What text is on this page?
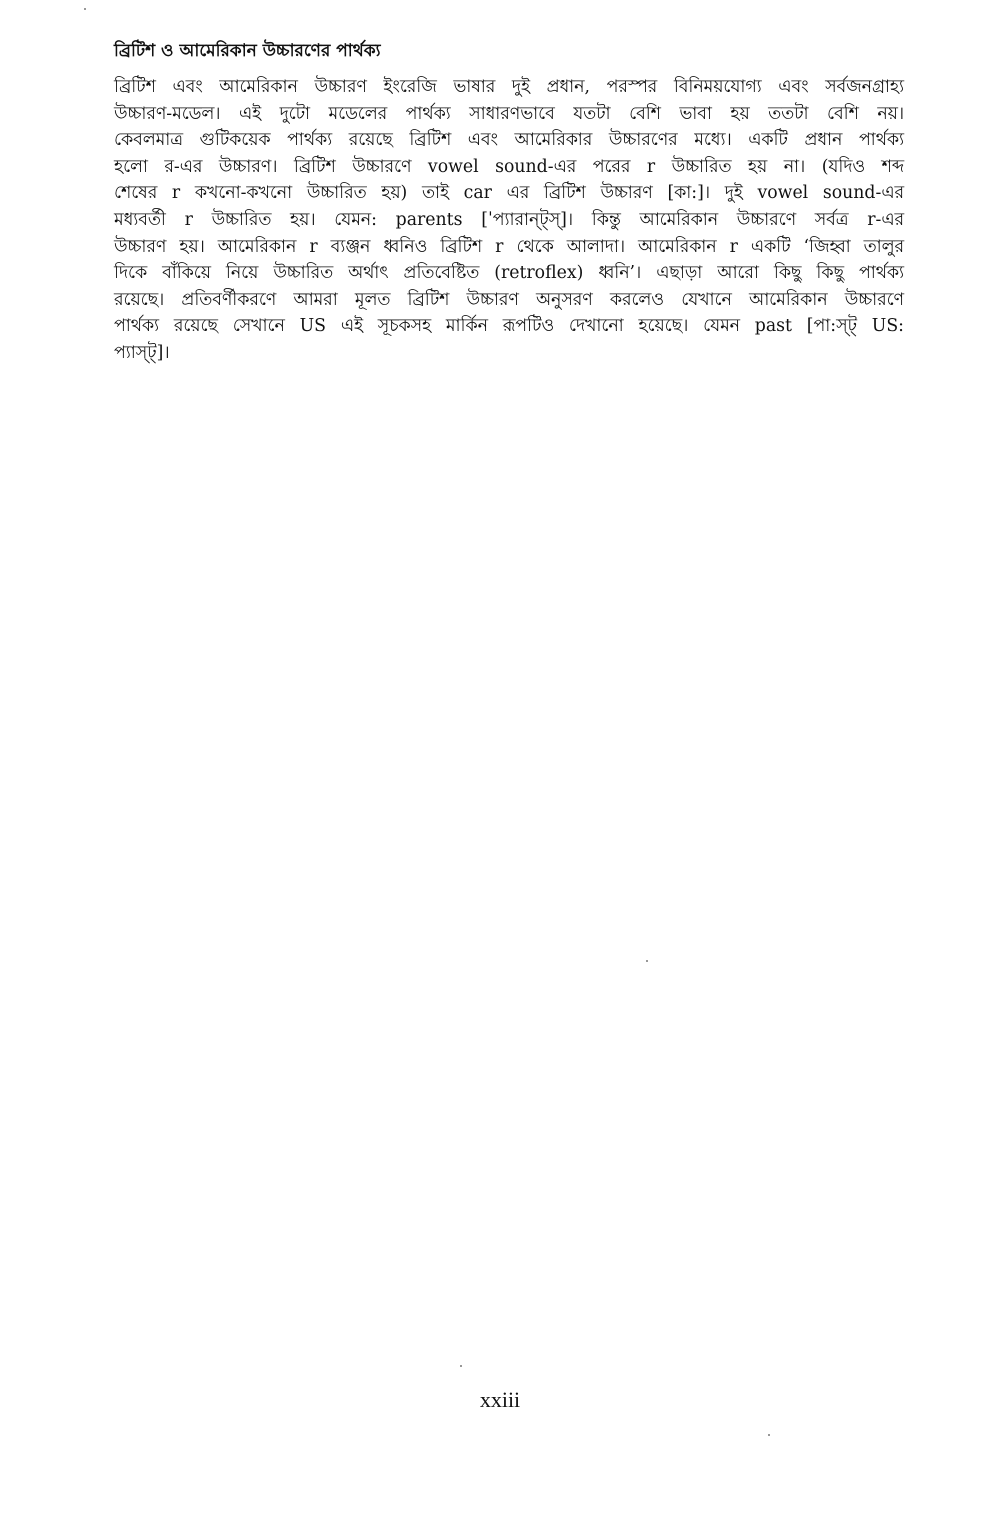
ব্রিটিশ ও আমেরিকান উচ্চারণের পার্থক্য

ব্রিটিশ এবং আমেরিকান উচ্চারণ ইংরেজি ভাষার দুই প্রধান, পরস্পর বিনিময়যোগ্য এবং সর্বজনগ্রাহ্য
উচ্চারণ-মডেল। এই দুটো মডেলের পার্থক্য সাধারণভাবে যতটা বেশি ভাবা হয় ততটা বেশি নয়।
কেবলমাত্র গুটিকয়েক পার্থক্য রয়েছে ব্রিটিশ এবং আমেরিকার উচ্চারণের মধ্যে। একটি প্রধান পার্থক্য
হলো র-এর উচ্চারণ। ব্রিটিশ উচ্চারণে vowel sound-এর পরের r উচ্চারিত হয় না। (যদিও শব্দ
শেষের r কখনো-কখনো উচ্চারিত হয়) তাই car এর ব্রিটিশ উচ্চারণ [কা:]। দুই vowel sound-এর
মধ্যবর্তী r উচ্চারিত হয়। যেমন: parents [ˈপ্যারান্‌ট্‌স্‌]। কিন্তু আমেরিকান উচ্চারণে সর্বত্র r-এর
উচ্চারণ হয়। আমেরিকান r ব্যঞ্জন ধ্বনিও ব্রিটিশ r থেকে আলাদা। আমেরিকান r একটি ‘জিহ্বা তালুর
দিকে বাঁকিয়ে নিয়ে উচ্চারিত অর্থাৎ প্রতিবেষ্টিত (retroflex) ধ্বনি’। এছাড়া আরো কিছু কিছু পার্থক্য
রয়েছে। প্রতিবর্ণীকরণে আমরা মূলত ব্রিটিশ উচ্চারণ অনুসরণ করলেও যেখানে আমেরিকান উচ্চারণে
পার্থক্য রয়েছে সেখানে US এই সূচকসহ মার্কিন রূপটিও দেখানো হয়েছে। যেমন past [পা:স্‌ট্‌ US:
প্যাস্‌ট্‌]।

xxiii
